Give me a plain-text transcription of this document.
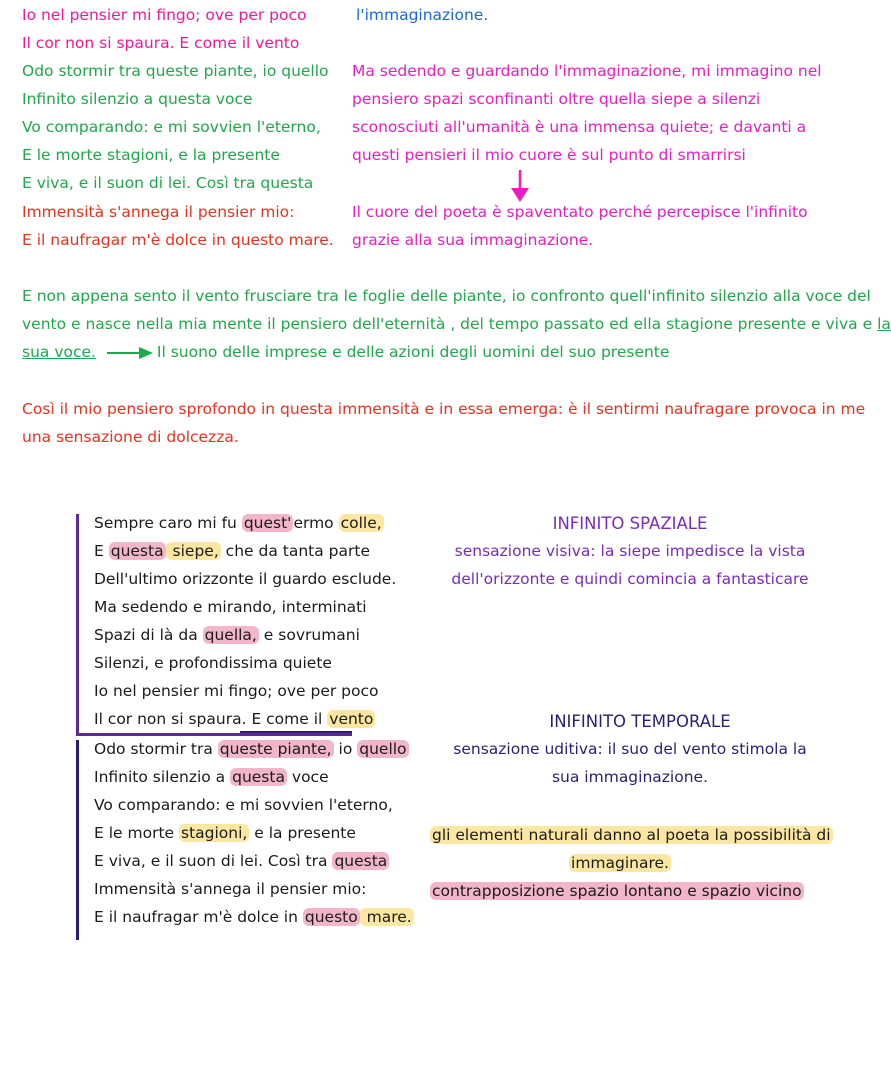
Io nel pensier mi fingo; ove per poco
Il cor non si spaura. E come il vento
Odo stormir tra queste piante, io quello
Infinito silenzio a questa voce
Vo comparando: e mi sovvien l'eterno,
E le morte stagioni, e la presente
E viva, e il suon di lei. Così tra questa
Immensità s'annega il pensier mio:
E il naufragar m'è dolce in questo mare.
l'immaginazione.
Ma sedendo e guardando l'immaginazione, mi immagino nel
pensiero spazi sconfinanti oltre quella siepe a silenzi
sconosciuti all'umanità è una immensa quiete; e davanti a
questi pensieri il mio cuore è sul punto di smarrirsi
Il cuore del poeta è spaventato perché percepisce l'infinito
grazie alla sua immaginazione.
E non appena sento il vento frusciare tra le foglie delle piante, io confronto quell'infinito silenzio alla voce del
vento e nasce nella mia mente il pensiero dell'eternità , del tempo passato ed ella stagione presente e viva e la
sua voce.	Il suono delle imprese e delle azioni degli uomini del suo presente
Così il mio pensiero sprofondo in questa immensità e in essa emerga: è il sentirmi naufragare provoca in me
una sensazione di dolcezza.
Sempre caro mi fu quest' ermo colle,
E questa siepe, che da tanta parte
Dell'ultimo orizzonte il guardo esclude.
Ma sedendo e mirando, interminati
Spazi di là da quella, e sovrumani
Silenzi, e profondissima quiete
Io nel pensier mi fingo; ove per poco
Il cor non si spaura. E come il vento
Odo stormir tra queste piante, io quello
Infinito silenzio a questa voce
Vo comparando: e mi sovvien l'eterno,
E le morte stagioni, e la presente
E viva, e il suon di lei. Così tra questa
Immensità s'annega il pensier mio:
E il naufragar m'è dolce in questo mare.
INFINITO SPAZIALE
sensazione visiva: la siepe impedisce la vista
dell'orizzonte e quindi comincia a fantasticare
INIFINITO TEMPORALE
sensazione uditiva: il suo del vento stimola la
sua immaginazione.
gli elementi naturali danno al poeta la possibilità di
immaginare.
contrapposizione spazio lontano e spazio vicino
